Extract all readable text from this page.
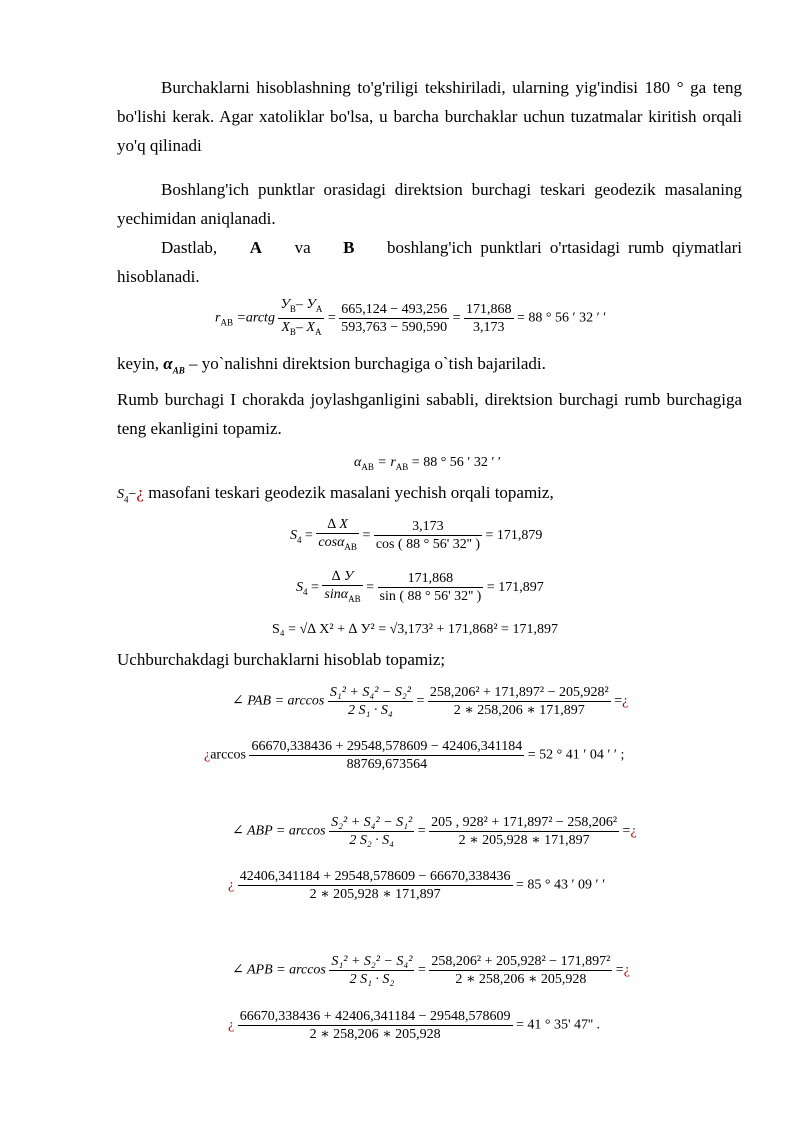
Burchaklarni hisoblashning to'g'riligi tekshiriladi, ularning yig'indisi 180 ° ga teng bo'lishi kerak. Agar xatoliklar bo'lsa, u barcha burchaklar uchun tuzatmalar kiritish orqali yo'q qilinadi

Boshlang'ich punktlar orasidagi direktsion burchagi teskari geodezik masalaning yechimidan aniqlanadi.

Dastlab, A va B boshlang'ich punktlari o'rtasidagi rumb qiymatlari hisoblanadi.

$r_{AB}$ =arctg $\frac{У_B- У_A}{X_B- X_A} = \frac{665,124 - 493,256}{593,763 - 590,590} = \frac{171,868}{3,173} = 88$ ° 56 ′ 32 ′ ′
keyin, $\alpha_{AB}$ – yo`nalishni direktsion burchagiga o`tish bajariladi.

Rumb burchagi I chorakda joylashganligini sababli, direktsion burchagi rumb burchagiga teng ekanligini topamiz.

$\alpha_{AB} = r_{AB} = 88$ ° 56 ′ 32 ′ ′
$S_4-¿$ masofani teskari geodezik masalani yechish orqali topamiz,
$S_4 = \frac{\Delta X}{\cos\alpha_{AB}} = \frac{3,173}{\cos ( 88 ^\circ 56' 32'' )} = 171,879$
$S_4 = \frac{\Delta У}{\sin\alpha_{AB}} = \frac{171,868}{\sin ( 88 ^\circ 56' 32'' )} = 171,897$
S₄ = √∆ X² + ∆ У² = √3,173² + 171,868² = 171,897
Uchburchakdagi burchaklarni hisoblab topamiz;
∠ PAB = $\arccos \frac{\text{S₁² + S₄² − S₂²}}{\text{2 S₁ · S₄}} = \frac{\text{258,206² + 171,897² − 205,928²}}{2 ∗ 258,206 ∗ 171,897}$ =¿
¿$\arccos \frac{66670,338436 + 29548,578609 - 42406,341184}{88769,673564} = 52$ ° 41 ′ 04 ′ ′ ;
∠ ABP = $\arccos \frac{\text{S₂² + S₄² − S₁²}}{\text{2 S₂ · S₄}} = \frac{\text{205 , 928² + 171,897² − 258,206²}}{2 ∗ 205,928 ∗ 171,897}$ =¿
¿ $\frac{42406,341184 + 29548,578609 - 66670,338436}{2 ∗ 205,928 ∗ 171,897} = 85$ ° 43 ′ 09 ′ ′
∠ APB = $\arccos \frac{\text{S₁² + S₂² − S₄²}}{\text{2 S₁ · S₂}} = \frac{\text{258,206² + 205,928² − 171,897²}}{2 ∗ 258,206 ∗ 205,928}$ =¿
¿ $\frac{66670,338436 + 42406,341184 - 29548,578609}{2 ∗ 258,206 ∗ 205,928} = 41$ ° 35' 47'' .
